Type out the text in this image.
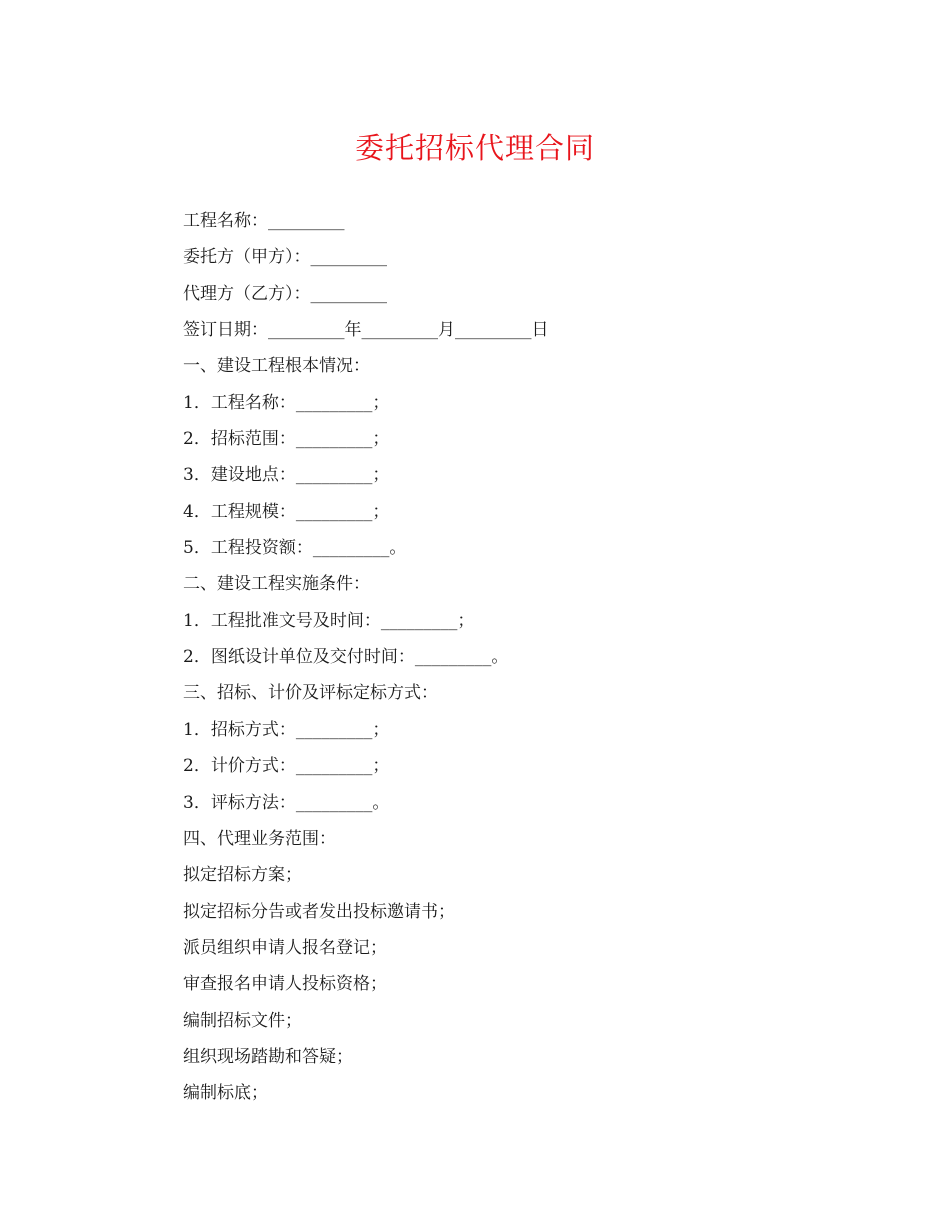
委托招标代理合同
工程名称：_________
委托方（甲方）：_________
代理方（乙方）：_________
签订日期：_________年_________月_________日
一、建设工程根本情况：
1．工程名称：_________；
2．招标范围：_________；
3．建设地点：_________；
4．工程规模：_________；
5．工程投资额：_________。
二、建设工程实施条件：
1．工程批准文号及时间：_________；
2．图纸设计单位及交付时间：_________。
三、招标、计价及评标定标方式：
1．招标方式：_________；
2．计价方式：_________；
3．评标方法：_________。
四、代理业务范围：
拟定招标方案；
拟定招标分告或者发出投标邀请书；
派员组织申请人报名登记；
审查报名申请人投标资格；
编制招标文件；
组织现场踏勘和答疑；
编制标底；
